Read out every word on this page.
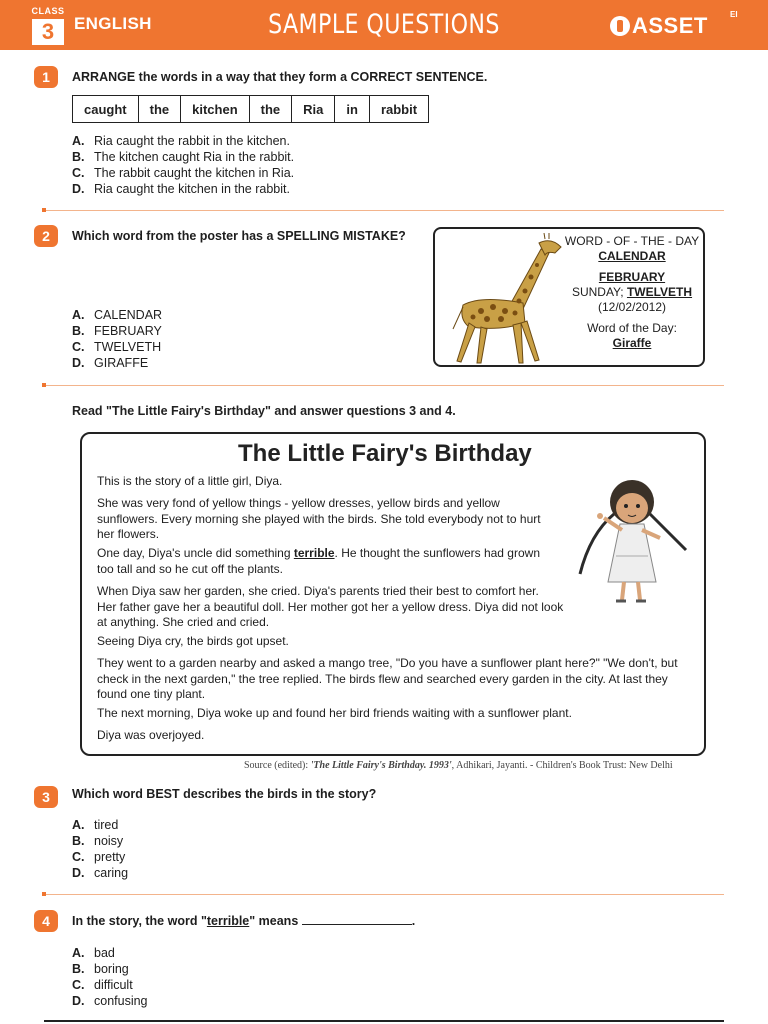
CLASS
3	ENGLISH	SAMPLE QUESTIONS	ASSET	EI
1	ARRANGE the words in a way that they form a CORRECT SENTENCE.
caught	the	kitchen	the	Ria	in	rabbit
A. Ria caught the rabbit in the kitchen.
B. The kitchen caught Ria in the rabbit.
C. The rabbit caught the kitchen in Ria.
D. Ria caught the kitchen in the rabbit.
2	Which word from the poster has a SPELLING MISTAKE?
A. CALENDAR
B. FEBRUARY
C. TWELVETH
D. GIRAFFE
WORD - OF - THE - DAY
CALENDAR
FEBRUARY
SUNDAY; TWELVETH
(12/02/2012)
Word of the Day:
Giraffe
Read "The Little Fairy's Birthday" and answer questions 3 and 4.
The Little Fairy's Birthday
This is the story of a little girl, Diya.
She was very fond of yellow things - yellow dresses, yellow birds and yellow
sunflowers. Every morning she played with the birds. She told everybody not to hurt
her flowers.
One day, Diya's uncle did something terrible. He thought the sunflowers had grown
too tall and so he cut off the plants.
When Diya saw her garden, she cried. Diya's parents tried their best to comfort her.
Her father gave her a beautiful doll. Her mother got her a yellow dress. Diya did not look
at anything. She cried and cried.
Seeing Diya cry, the birds got upset.
They went to a garden nearby and asked a mango tree, "Do you have a sunflower plant here?" "We don't, but
check in the next garden," the tree replied. The birds flew and searched every garden in the city. At last they
found one tiny plant.
The next morning, Diya woke up and found her bird friends waiting with a sunflower plant.
Diya was overjoyed.
Source (edited): 'The Little Fairy's Birthday. 1993', Adhikari, Jayanti. - Children's Book Trust: New Delhi
3	Which word BEST describes the birds in the story?
A. tired
B. noisy
C. pretty
D. caring
4	In the story, the word "terrible" means	.
A. bad
B. boring
C. difficult
D. confusing
